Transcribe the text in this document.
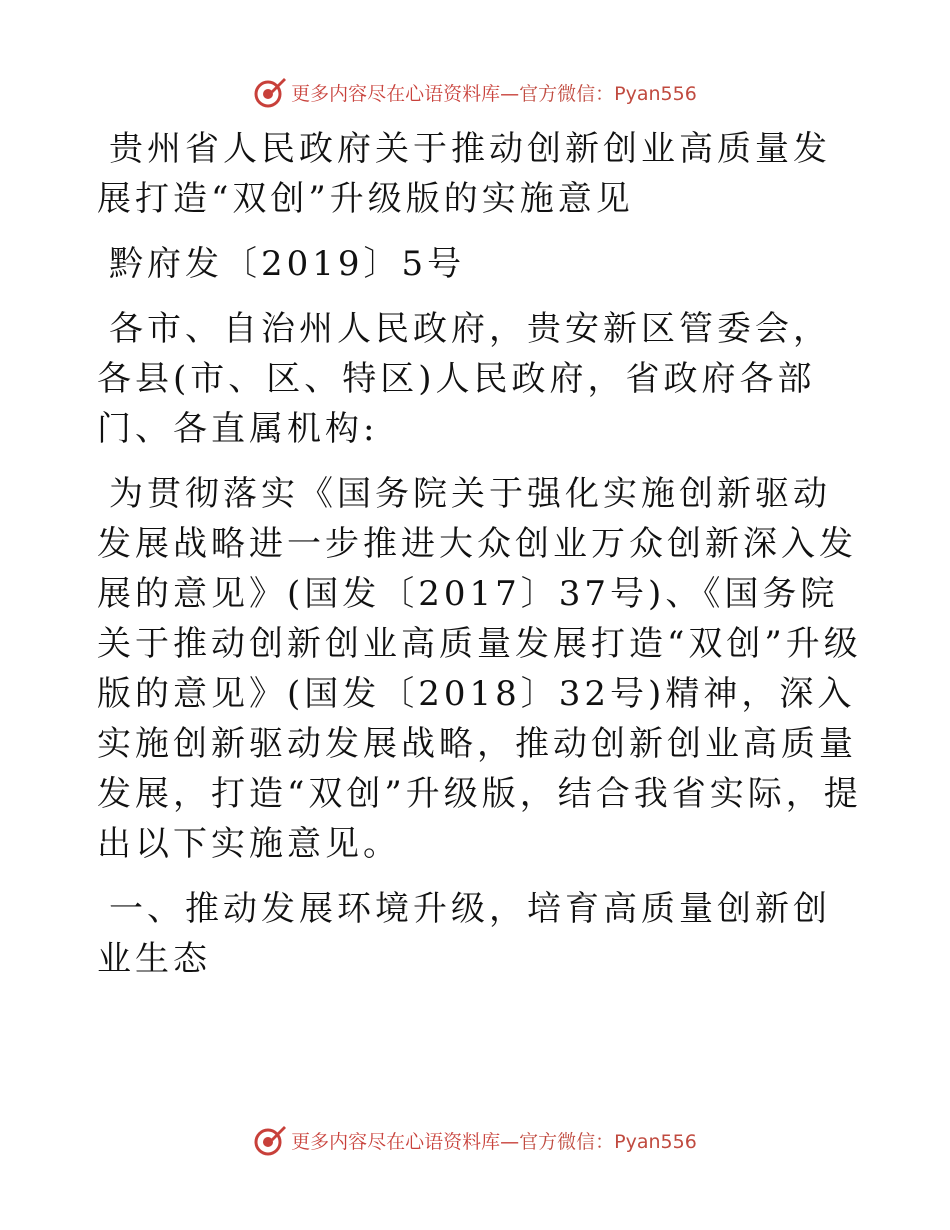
更多内容尽在心语资料库—官方微信：Pyan556

贵州省人民政府关于推动创新创业高质量发展打造“双创”升级版的实施意见

黔府发〔2019〕5号

各市、自治州人民政府，贵安新区管委会，各县(市、区、特区)人民政府，省政府各部门、各直属机构:

为贯彻落实《国务院关于强化实施创新驱动发展战略进一步推进大众创业万众创新深入发展的意见》(国发〔2017〕37号)、《国务院关于推动创新创业高质量发展打造“双创”升级版的意见》(国发〔2018〕32号)精神，深入实施创新驱动发展战略，推动创新创业高质量发展，打造“双创”升级版，结合我省实际，提出以下实施意见。

一、推动发展环境升级，培育高质量创新创业生态

更多内容尽在心语资料库—官方微信：Pyan556
